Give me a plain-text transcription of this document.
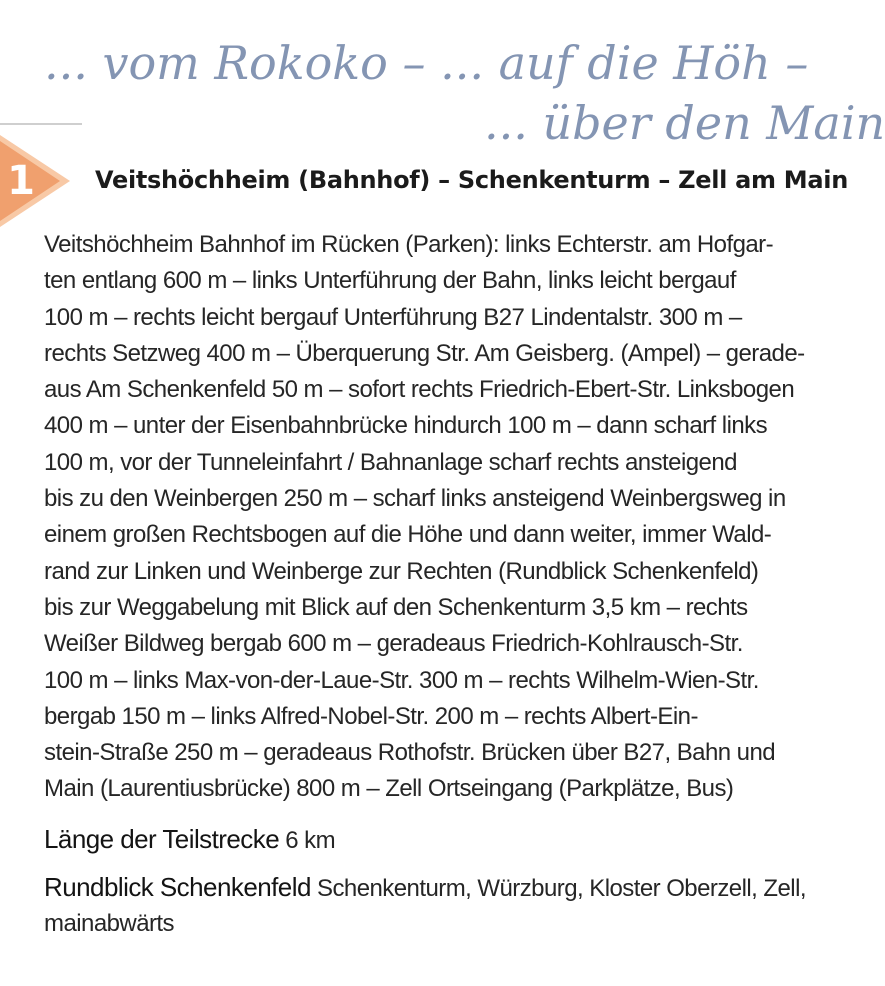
... vom Rokoko – ... auf die Höh –
... über den Main
1	Veitshöchheim (Bahnhof) – Schenkenturm – Zell am Main
Veitshöchheim Bahnhof im Rücken (Parken): links Echterstr. am Hofgar-
ten entlang 600 m – links Unterführung der Bahn, links leicht bergauf
100 m – rechts leicht bergauf Unterführung B27 Lindentalstr. 300 m –
rechts Setzweg 400 m – Überquerung Str. Am Geisberg. (Ampel) – gerade-
aus Am Schenkenfeld 50 m – sofort rechts Friedrich-Ebert-Str. Linksbogen
400 m – unter der Eisenbahnbrücke hindurch 100 m – dann scharf links
100 m, vor der Tunneleinfahrt / Bahnanlage scharf rechts ansteigend
bis zu den Weinbergen 250 m – scharf links ansteigend Weinbergsweg in
einem großen Rechtsbogen auf die Höhe und dann weiter, immer Wald-
rand zur Linken und Weinberge zur Rechten (Rundblick Schenkenfeld)
bis zur Weggabelung mit Blick auf den Schenkenturm 3,5 km – rechts
Weißer Bildweg bergab 600 m – geradeaus Friedrich-Kohlrausch-Str.
100 m – links Max-von-der-Laue-Str. 300 m – rechts Wilhelm-Wien-Str.
bergab 150 m – links Alfred-Nobel-Str. 200 m – rechts Albert-Ein-
stein-Straße 250 m – geradeaus Rothofstr. Brücken über B27, Bahn und
Main (Laurentiusbrücke) 800 m – Zell Ortseingang (Parkplätze, Bus)
Länge der Teilstrecke 6 km
Rundblick Schenkenfeld Schenkenturm, Würzburg, Kloster Oberzell, Zell,
mainabwärts
